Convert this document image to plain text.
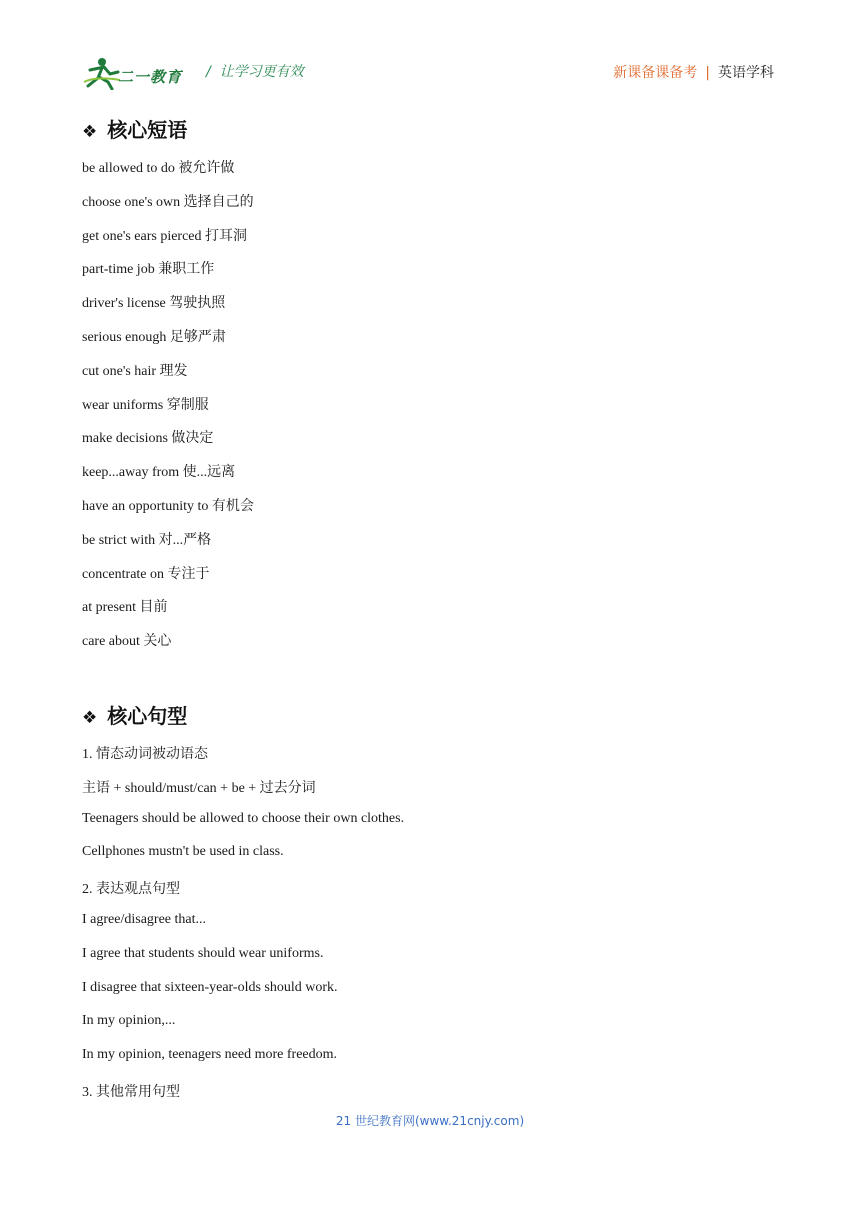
二一教育 / 让学习更有效	新课备课备考 | 英语学科
❖ 核心短语
be allowed to do 被允许做
choose one's own 选择自己的
get one's ears pierced 打耳洞
part-time job 兼职工作
driver's license 驾驶执照
serious enough 足够严肃
cut one's hair 理发
wear uniforms 穿制服
make decisions 做决定
keep...away from 使...远离
have an opportunity to 有机会
be strict with 对...严格
concentrate on 专注于
at present 目前
care about 关心
❖ 核心句型
1. 情态动词被动语态
主语 + should/must/can + be + 过去分词
Teenagers should be allowed to choose their own clothes.
Cellphones mustn't be used in class.
2. 表达观点句型
I agree/disagree that...
I agree that students should wear uniforms.
I disagree that sixteen-year-olds should work.
In my opinion,...
In my opinion, teenagers need more freedom.
3. 其他常用句型
21 世纪教育网(www.21cnjy.com)
